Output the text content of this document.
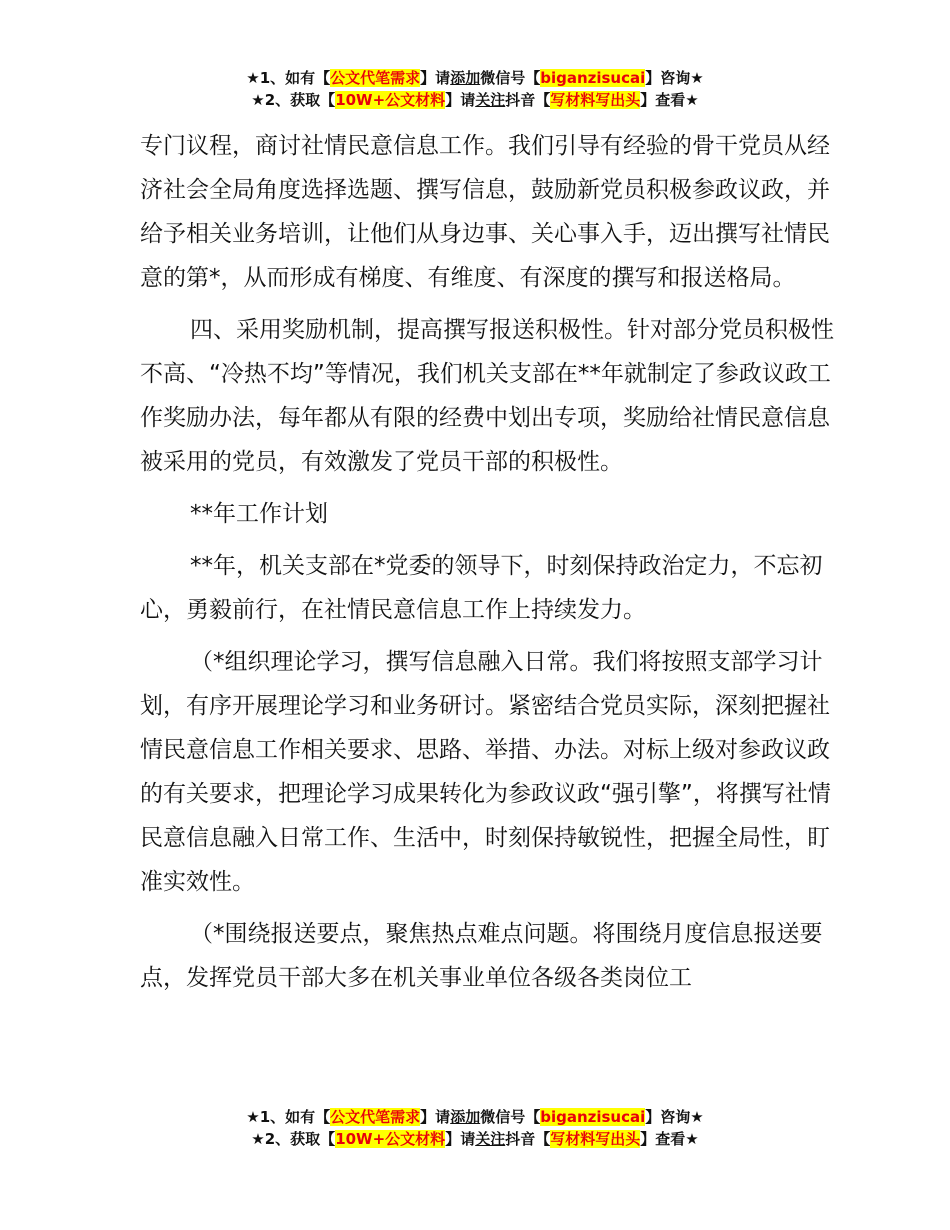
★1、如有【公文代笔需求】请添加微信号【biganzisucai】咨询★
★2、获取【10W+公文材料】请关注抖音【写材料写出头】查看★

专门议程，商讨社情民意信息工作。我们引导有经验的骨干党员从经济社会全局角度选择选题、撰写信息，鼓励新党员积极参政议政，并给予相关业务培训，让他们从身边事、关心事入手，迈出撰写社情民意的第*，从而形成有梯度、有维度、有深度的撰写和报送格局。

四、采用奖励机制，提高撰写报送积极性。针对部分党员积极性不高、“冷热不均”等情况，我们机关支部在**年就制定了参政议政工作奖励办法，每年都从有限的经费中划出专项，奖励给社情民意信息被采用的党员，有效激发了党员干部的积极性。

**年工作计划

**年，机关支部在*党委的领导下，时刻保持政治定力，不忘初心，勇毅前行，在社情民意信息工作上持续发力。

（*组织理论学习，撰写信息融入日常。我们将按照支部学习计划，有序开展理论学习和业务研讨。紧密结合党员实际，深刻把握社情民意信息工作相关要求、思路、举措、办法。对标上级对参政议政的有关要求，把理论学习成果转化为参政议政“强引擎”，将撰写社情民意信息融入日常工作、生活中，时刻保持敏锐性，把握全局性，盯准实效性。

（*围绕报送要点，聚焦热点难点问题。将围绕月度信息报送要点，发挥党员干部大多在机关事业单位各级各类岗位工

★1、如有【公文代笔需求】请添加微信号【biganzisucai】咨询★
★2、获取【10W+公文材料】请关注抖音【写材料写出头】查看★
